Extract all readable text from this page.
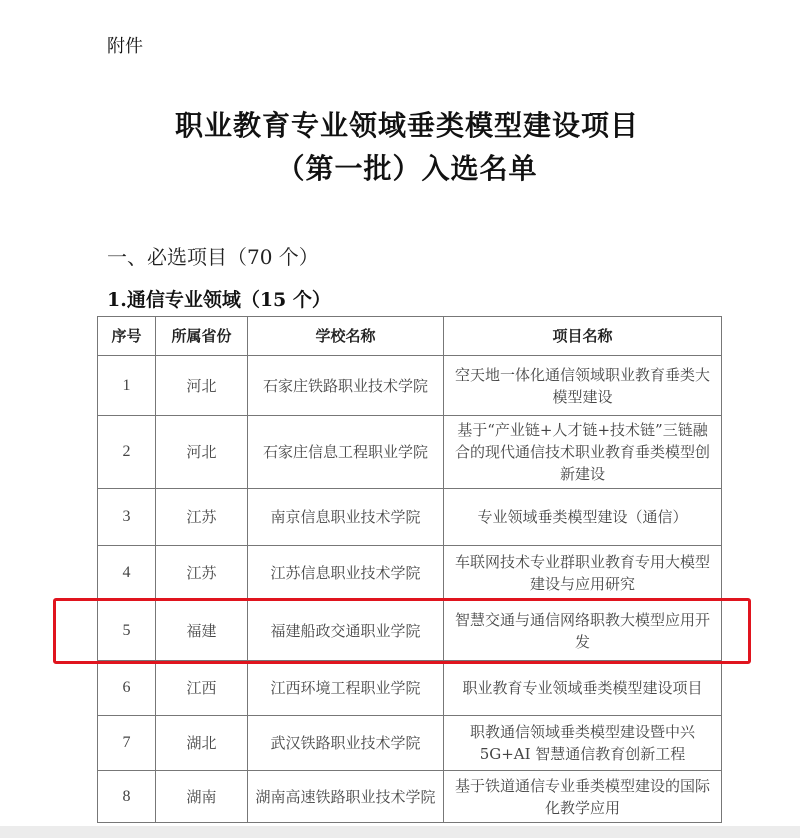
附件
职业教育专业领域垂类模型建设项目
（第一批）入选名单
一、必选项目（70 个）
1.通信专业领域（15 个）
序号	所属省份	学校名称	项目名称
1	河北	石家庄铁路职业技术学院	空天地一体化通信领域职业教育垂类大模型建设
2	河北	石家庄信息工程职业学院	基于“产业链+人才链+技术链”三链融合的现代通信技术职业教育垂类模型创新建设
3	江苏	南京信息职业技术学院	专业领域垂类模型建设（通信）
4	江苏	江苏信息职业技术学院	车联网技术专业群职业教育专用大模型建设与应用研究
5	福建	福建船政交通职业学院	智慧交通与通信网络职教大模型应用开发
6	江西	江西环境工程职业学院	职业教育专业领域垂类模型建设项目
7	湖北	武汉铁路职业技术学院	职教通信领域垂类模型建设暨中兴 5G+AI 智慧通信教育创新工程
8	湖南	湖南高速铁路职业技术学院	基于铁道通信专业垂类模型建设的国际化教学应用
